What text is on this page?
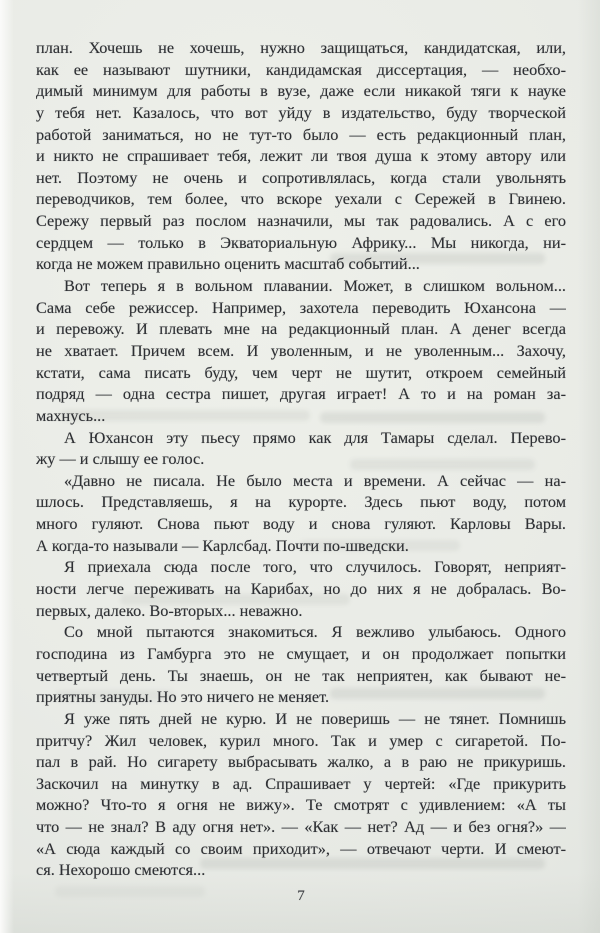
план. Хочешь не хочешь, нужно защищаться, кандидатская, или,
как ее называют шутники, кандидамская диссертация, — необхо-
димый минимум для работы в вузе, даже если никакой тяги к науке
у тебя нет. Казалось, что вот уйду в издательство, буду творческой
работой заниматься, но не тут-то было — есть редакционный план,
и никто не спрашивает тебя, лежит ли твоя душа к этому автору или
нет. Поэтому не очень и сопротивлялась, когда стали увольнять
переводчиков, тем более, что вскоре уехали с Сережей в Гвинею.
Сережу первый раз послом назначили, мы так радовались. А с его
сердцем — только в Экваториальную Африку... Мы никогда, ни-
когда не можем правильно оценить масштаб событий...
Вот теперь я в вольном плавании. Может, в слишком вольном...
Сама себе режиссер. Например, захотела переводить Юхансона —
и перевожу. И плевать мне на редакционный план. А денег всегда
не хватает. Причем всем. И уволенным, и не уволенным... Захочу,
кстати, сама писать буду, чем черт не шутит, откроем семейный
подряд — одна сестра пишет, другая играет! А то и на роман за-
махнусь...
А Юхансон эту пьесу прямо как для Тамары сделал. Перево-
жу — и слышу ее голос.
«Давно не писала. Не было места и времени. А сейчас — на-
шлось. Представляешь, я на курорте. Здесь пьют воду, потом
много гуляют. Снова пьют воду и снова гуляют. Карловы Вары.
А когда-то называли — Карлсбад. Почти по-шведски.
Я приехала сюда после того, что случилось. Говорят, неприят-
ности легче переживать на Карибах, но до них я не добралась. Во-
первых, далеко. Во-вторых... неважно.
Со мной пытаются знакомиться. Я вежливо улыбаюсь. Одного
господина из Гамбурга это не смущает, и он продолжает попытки
четвертый день. Ты знаешь, он не так неприятен, как бывают не-
приятны зануды. Но это ничего не меняет.
Я уже пять дней не курю. И не поверишь — не тянет. Помнишь
притчу? Жил человек, курил много. Так и умер с сигаретой. По-
пал в рай. Но сигарету выбрасывать жалко, а в раю не прикуришь.
Заскочил на минутку в ад. Спрашивает у чертей: «Где прикурить
можно? Что-то я огня не вижу». Те смотрят с удивлением: «А ты
что — не знал? В аду огня нет». — «Как — нет? Ад — и без огня?» —
«А сюда каждый со своим приходит», — отвечают черти. И смеют-
ся. Нехорошо смеются...
7
